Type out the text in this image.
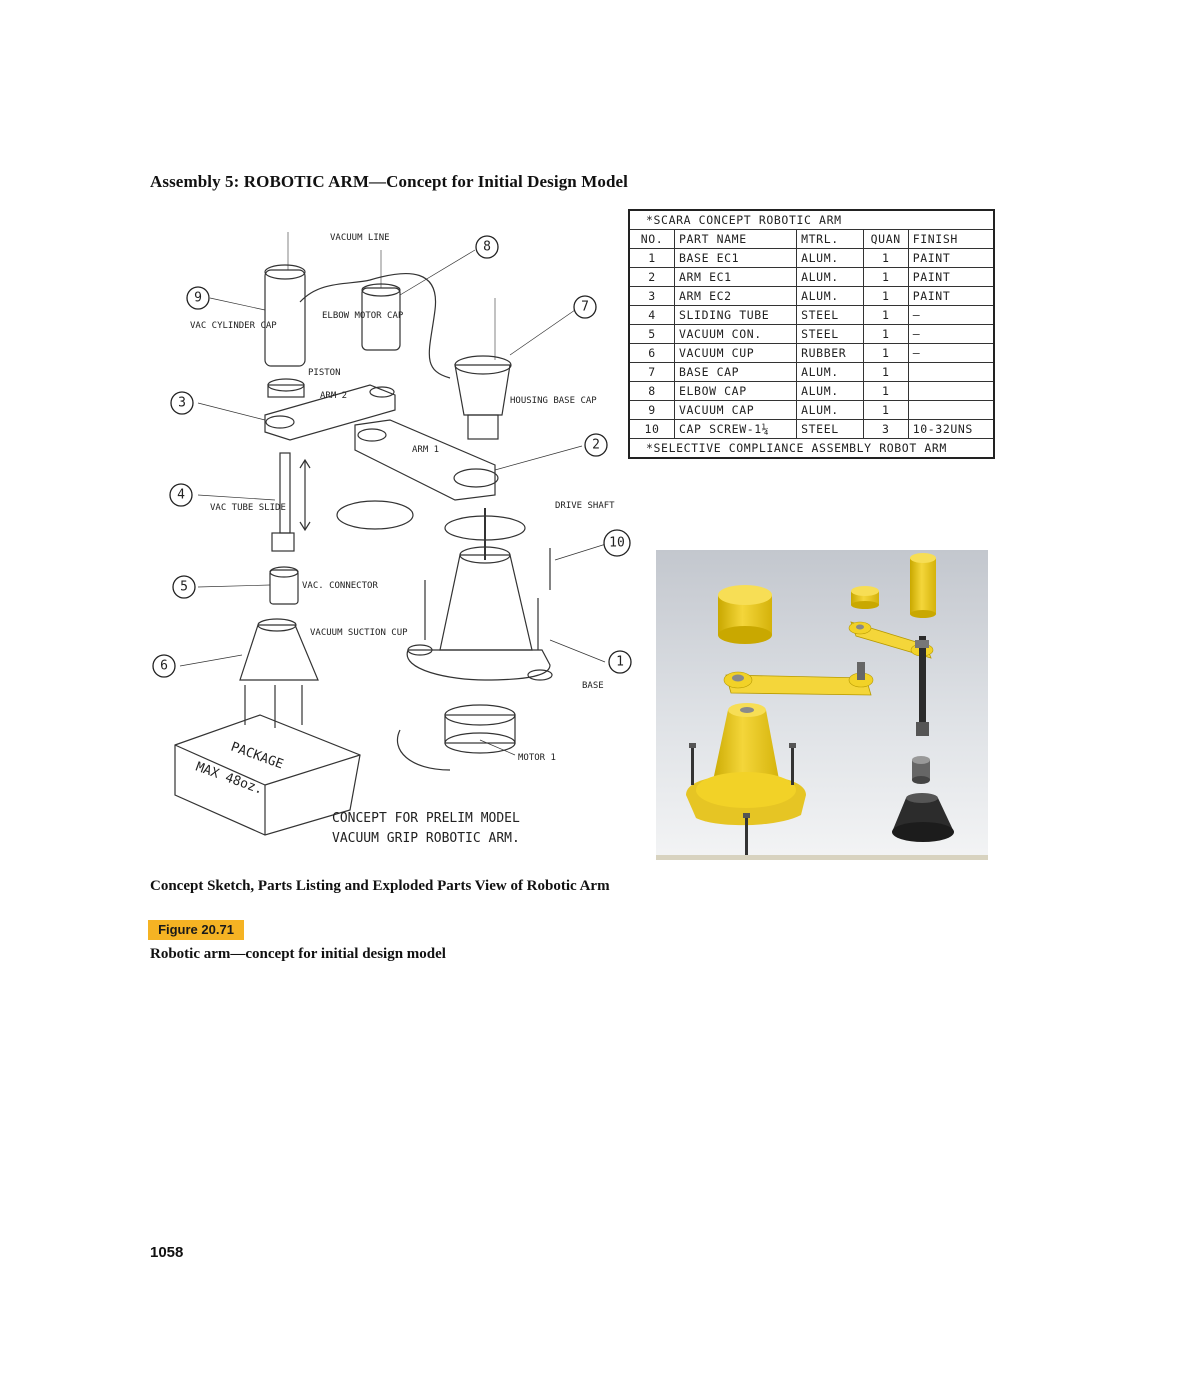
Assembly 5: ROBOTIC ARM—Concept for Initial Design Model
9
8
7
3
2
4
10
5
6	1
VACUUM LINE
VAC CYLINDER CAP
ELBOW MOTOR CAP
PISTON
ARM 2	HOUSING BASE CAP
ARM 1
VAC TUBE SLIDE	DRIVE SHAFT
VAC. CONNECTOR
VACUUM SUCTION CUP
BASE
MOTOR 1
PACKAGE
MAX 48oz.
CONCEPT FOR PRELIM MODEL
VACUUM GRIP ROBOTIC ARM.
*SCARA CONCEPT ROBOTIC ARM				
NO.	PART NAME	MTRL.	QUAN	FINISH
1	BASE EC1	ALUM.	1	PAINT
2	ARM EC1	ALUM.	1	PAINT
3	ARM EC2	ALUM.	1	PAINT
4	SLIDING TUBE	STEEL	1	—
5	VACUUM CON.	STEEL	1	—
6	VACUUM CUP	RUBBER	1	—
7	BASE CAP	ALUM.	1	
8	ELBOW CAP	ALUM.	1	
9	VACUUM CAP	ALUM.	1	
10	CAP SCREW-1¼	STEEL	3	10-32UNS
*SELECTIVE COMPLIANCE ASSEMBLY ROBOT ARM				
Concept Sketch, Parts Listing and Exploded Parts View of Robotic Arm
Figure 20.71
Robotic arm—concept for initial design model
1058
